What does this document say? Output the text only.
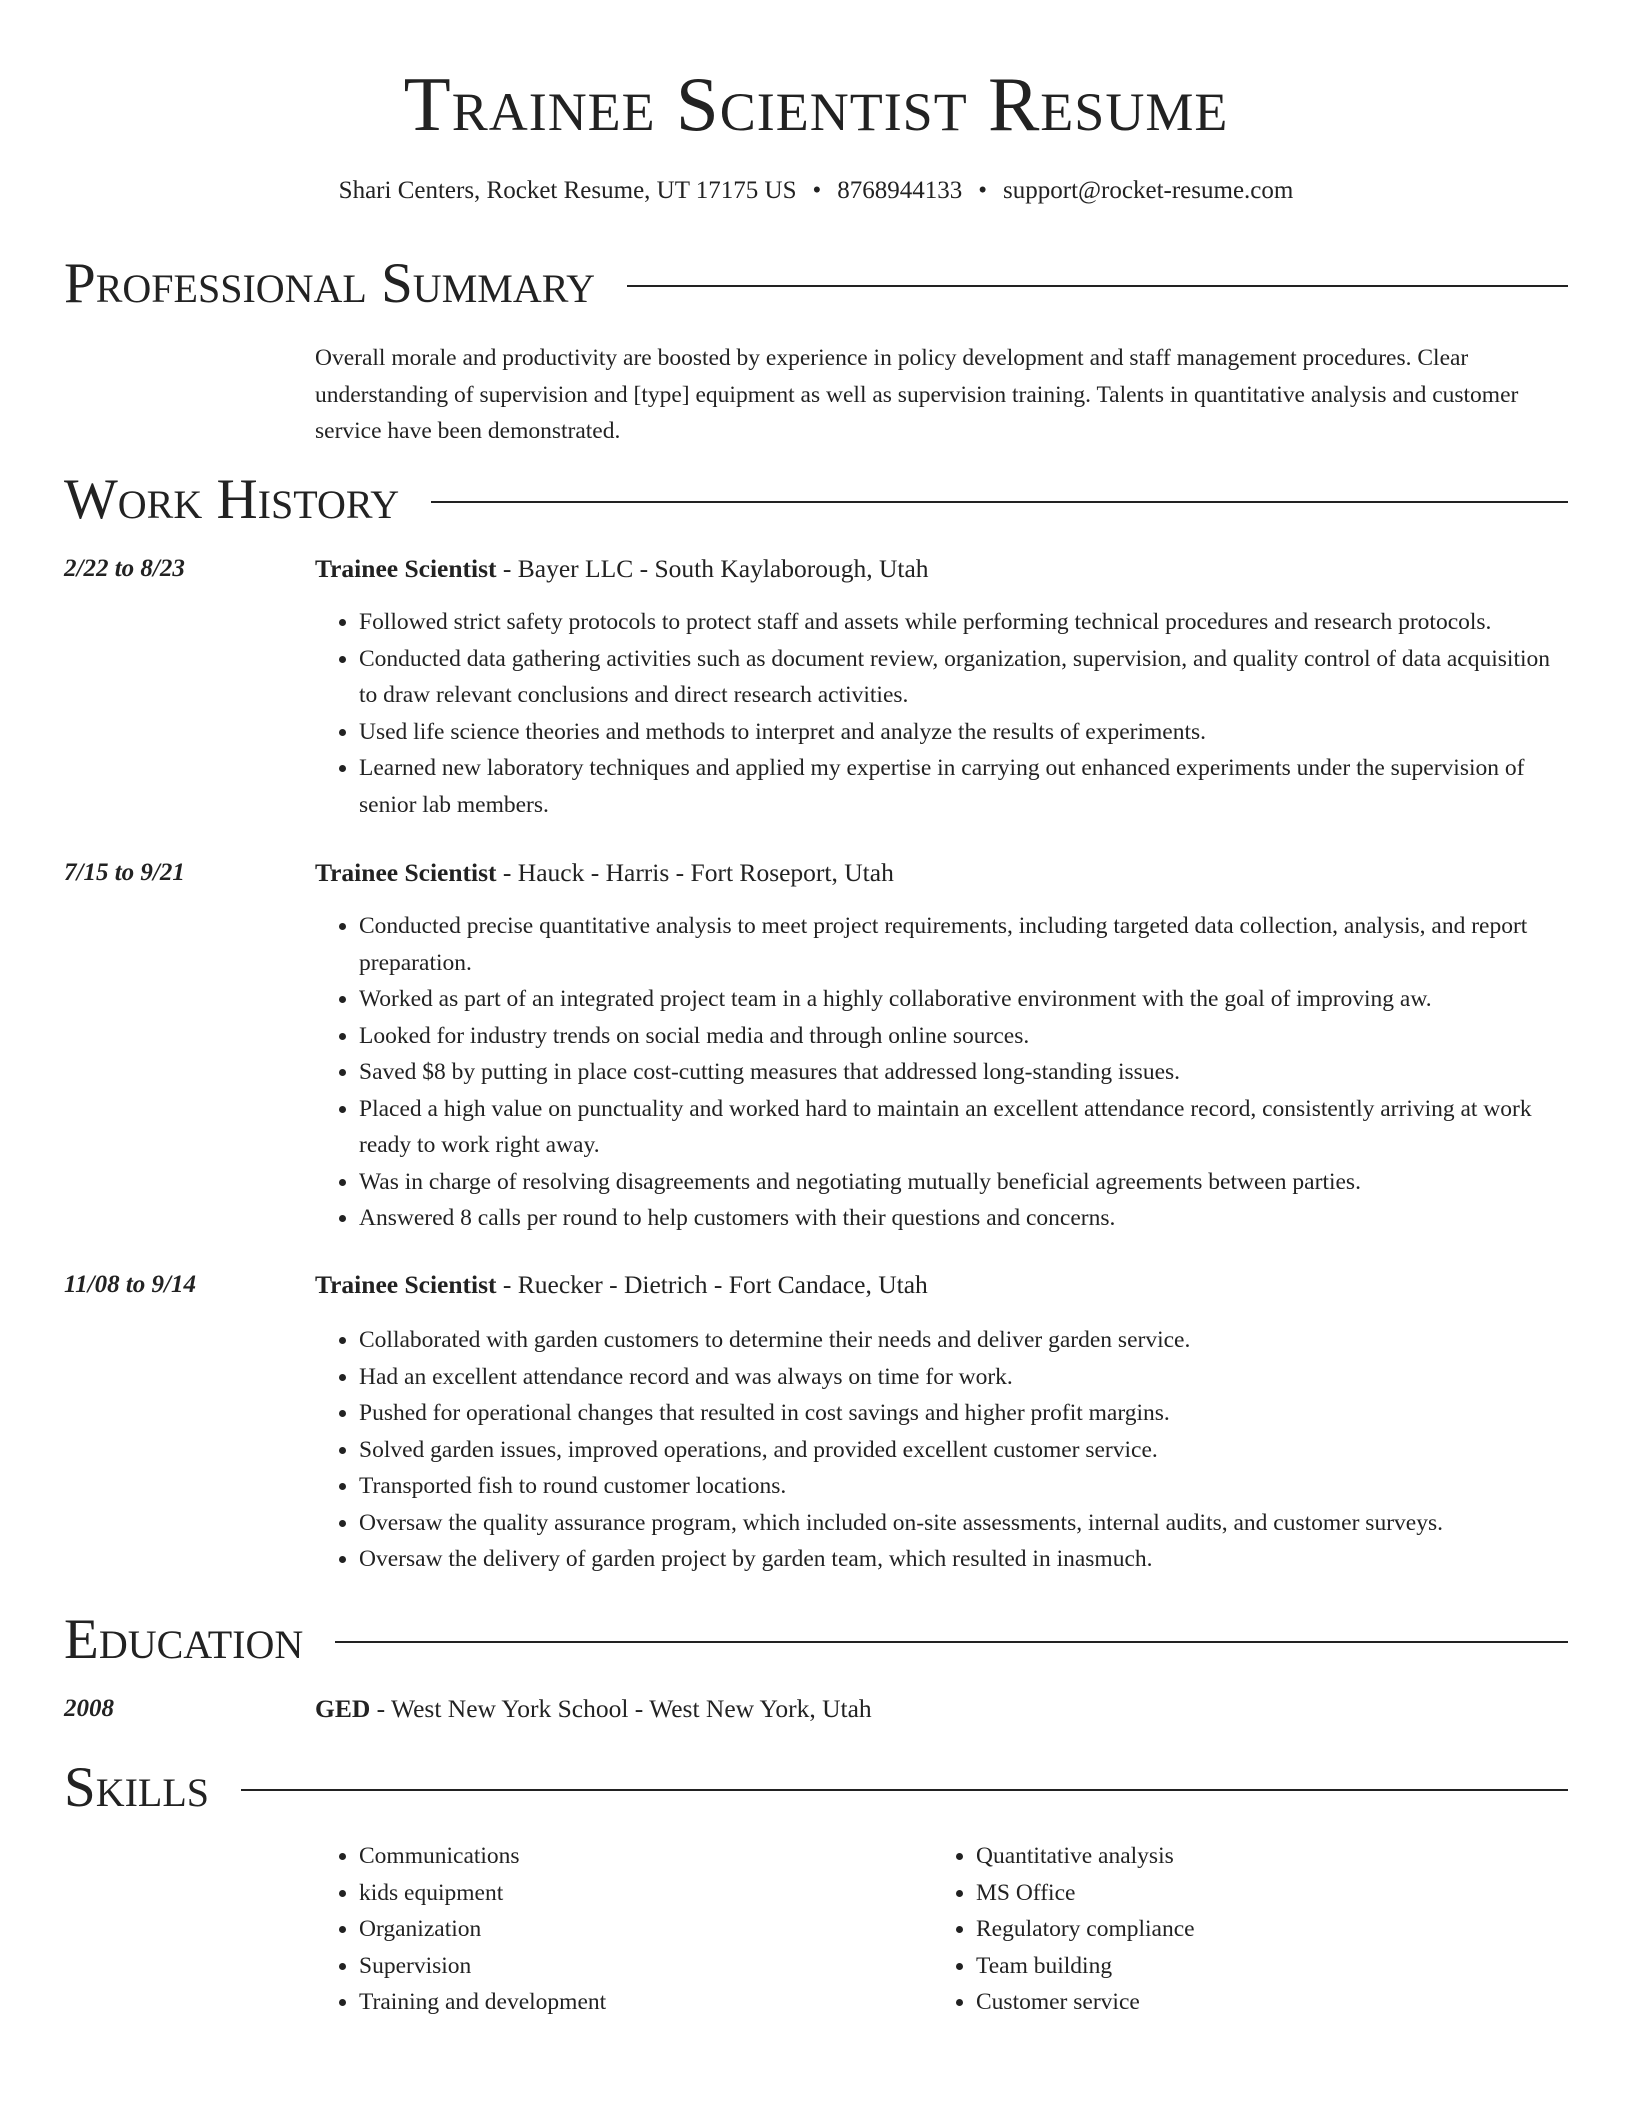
Trainee Scientist Resume
Shari Centers, Rocket Resume, UT 17175 US • 8768944133 • support@rocket-resume.com
Professional Summary
Overall morale and productivity are boosted by experience in policy development and staff management procedures. Clear understanding of supervision and [type] equipment as well as supervision training. Talents in quantitative analysis and customer service have been demonstrated.
Work History
2/22 to 8/23	Trainee Scientist - Bayer LLC - South Kaylaborough, Utah
• Followed strict safety protocols to protect staff and assets while performing technical procedures and research protocols.
• Conducted data gathering activities such as document review, organization, supervision, and quality control of data acquisition to draw relevant conclusions and direct research activities.
• Used life science theories and methods to interpret and analyze the results of experiments.
• Learned new laboratory techniques and applied my expertise in carrying out enhanced experiments under the supervision of senior lab members.
7/15 to 9/21	Trainee Scientist - Hauck - Harris - Fort Roseport, Utah
• Conducted precise quantitative analysis to meet project requirements, including targeted data collection, analysis, and report preparation.
• Worked as part of an integrated project team in a highly collaborative environment with the goal of improving aw.
• Looked for industry trends on social media and through online sources.
• Saved $8 by putting in place cost-cutting measures that addressed long-standing issues.
• Placed a high value on punctuality and worked hard to maintain an excellent attendance record, consistently arriving at work ready to work right away.
• Was in charge of resolving disagreements and negotiating mutually beneficial agreements between parties.
• Answered 8 calls per round to help customers with their questions and concerns.
11/08 to 9/14	Trainee Scientist - Ruecker - Dietrich - Fort Candace, Utah
• Collaborated with garden customers to determine their needs and deliver garden service.
• Had an excellent attendance record and was always on time for work.
• Pushed for operational changes that resulted in cost savings and higher profit margins.
• Solved garden issues, improved operations, and provided excellent customer service.
• Transported fish to round customer locations.
• Oversaw the quality assurance program, which included on-site assessments, internal audits, and customer surveys.
• Oversaw the delivery of garden project by garden team, which resulted in inasmuch.
Education
2008	GED - West New York School - West New York, Utah
Skills
• Communications
• kids equipment
• Organization
• Supervision
• Training and development
• Quantitative analysis
• MS Office
• Regulatory compliance
• Team building
• Customer service
